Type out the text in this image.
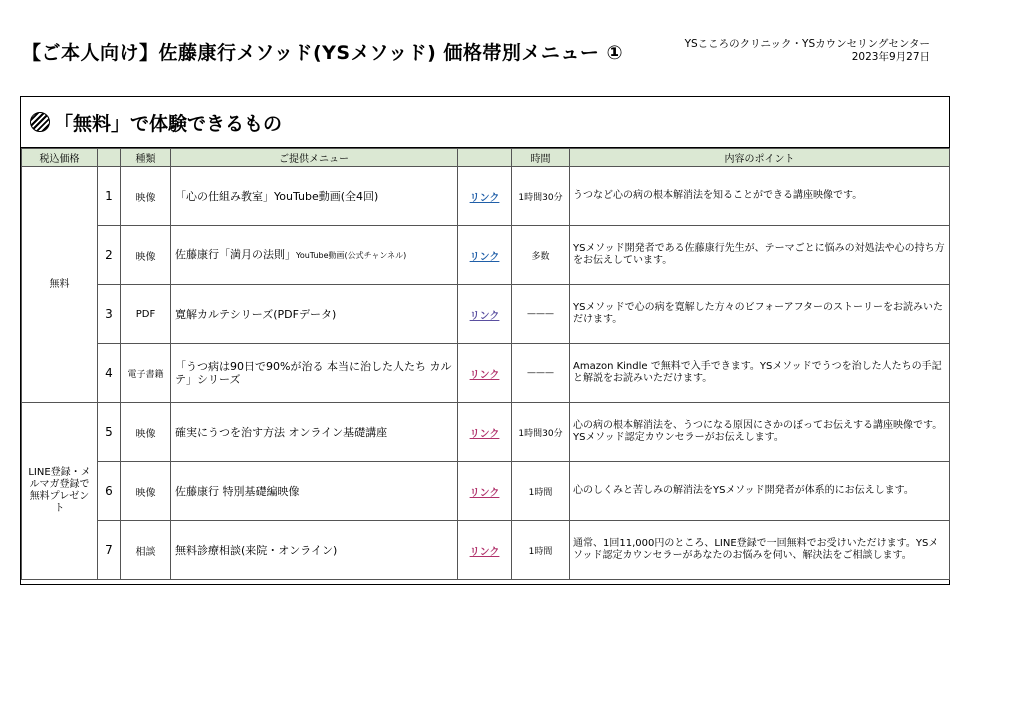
【ご本人向け】佐藤康行メソッド(YSメソッド) 価格帯別メニュー ①	YSこころのクリニック・YSカウンセリングセンター
2023年9月27日
「無料」で体験できるもの
税込価格		種類	ご提供メニュー		時間	内容のポイント
無料	1	映像	「心の仕組み教室」YouTube動画(全4回)	リンク	1時間30分	うつなど心の病の根本解消法を知ることができる講座映像です。
	2	映像	佐藤康行「満月の法則」YouTube動画(公式チャンネル)	リンク	多数	YSメソッド開発者である佐藤康行先生が、テーマごとに悩みの対処法や心の持ち方をお伝えしています。
	3	PDF	寛解カルテシリーズ(PDFデータ)	リンク	———	YSメソッドで心の病を寛解した方々のビフォーアフターのストーリーをお読みいただけます。
	4	電子書籍	「うつ病は90日で90%が治る 本当に治した人たち カルテ」シリーズ	リンク	———	Amazon Kindle で無料で入手できます。YSメソッドでうつを治した人たちの手記と解説をお読みいただけます。
LINE登録・メルマガ登録で無料プレゼント	5	映像	確実にうつを治す方法 オンライン基礎講座	リンク	1時間30分	心の病の根本解消法を、うつになる原因にさかのぼってお伝えする講座映像です。YSメソッド認定カウンセラーがお伝えします。
	6	映像	佐藤康行 特別基礎編映像	リンク	1時間	心のしくみと苦しみの解消法をYSメソッド開発者が体系的にお伝えします。
	7	相談	無料診療相談(来院・オンライン)	リンク	1時間	通常、1回11,000円のところ、LINE登録で一回無料でお受けいただけます。YSメソッド認定カウンセラーがあなたのお悩みを伺い、解決法をご相談します。
